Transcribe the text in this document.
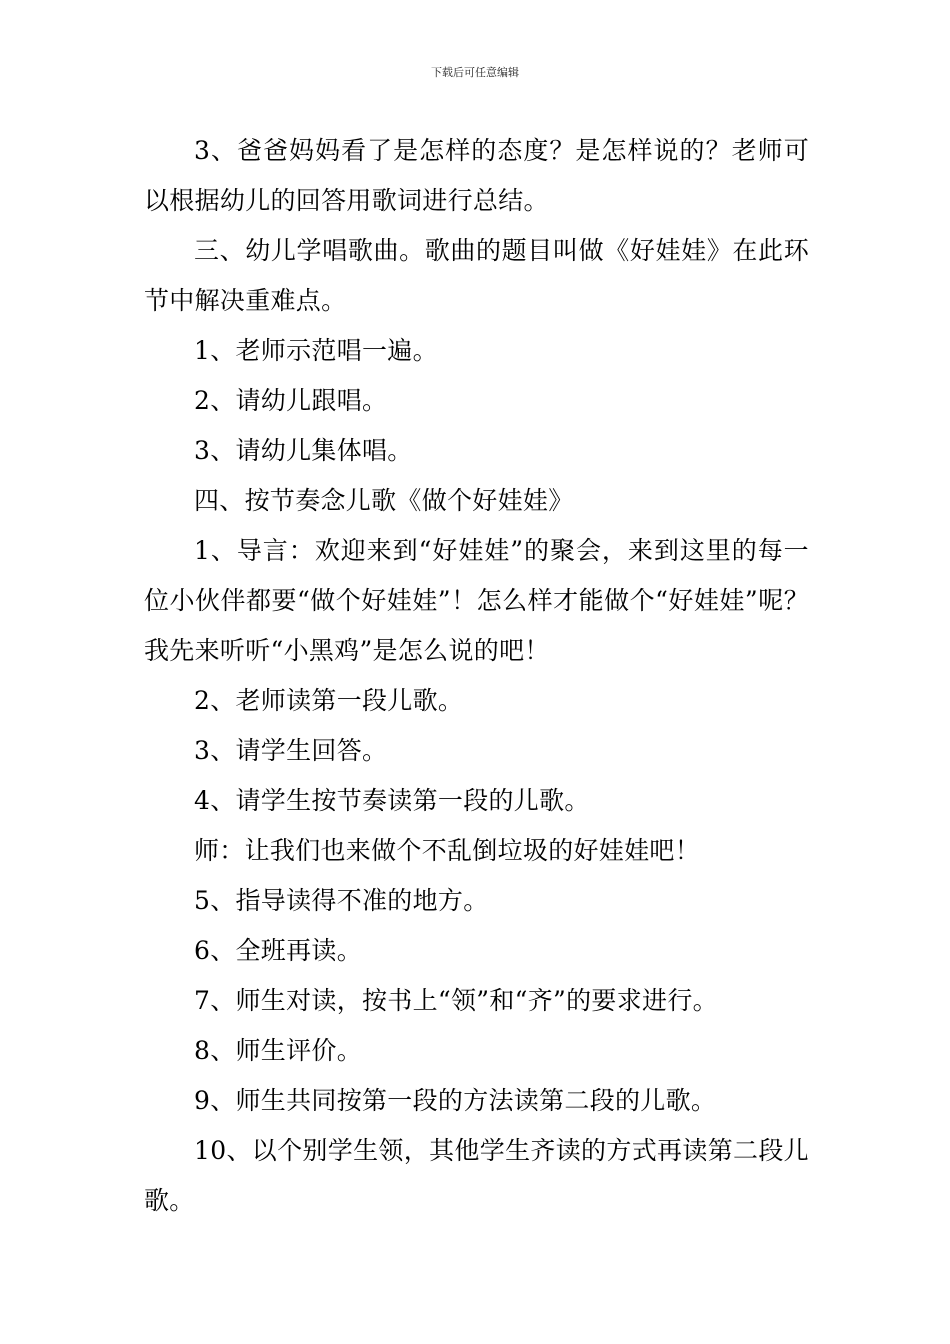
下载后可任意编辑

3、爸爸妈妈看了是怎样的态度？是怎样说的？老师可以根据幼儿的回答用歌词进行总结。

三、幼儿学唱歌曲。歌曲的题目叫做《好娃娃》在此环节中解决重难点。

1、老师示范唱一遍。

2、请幼儿跟唱。

3、请幼儿集体唱。

四、按节奏念儿歌《做个好娃娃》

1、导言：欢迎来到“好娃娃”的聚会，来到这里的每一位小伙伴都要“做个好娃娃”！怎么样才能做个“好娃娃”呢？我先来听听“小黑鸡”是怎么说的吧！

2、老师读第一段儿歌。

3、请学生回答。

4、请学生按节奏读第一段的儿歌。

师：让我们也来做个不乱倒垃圾的好娃娃吧！

5、指导读得不准的地方。

6、全班再读。

7、师生对读，按书上“领”和“齐”的要求进行。

8、师生评价。

9、师生共同按第一段的方法读第二段的儿歌。

10、以个别学生领，其他学生齐读的方式再读第二段儿歌。
